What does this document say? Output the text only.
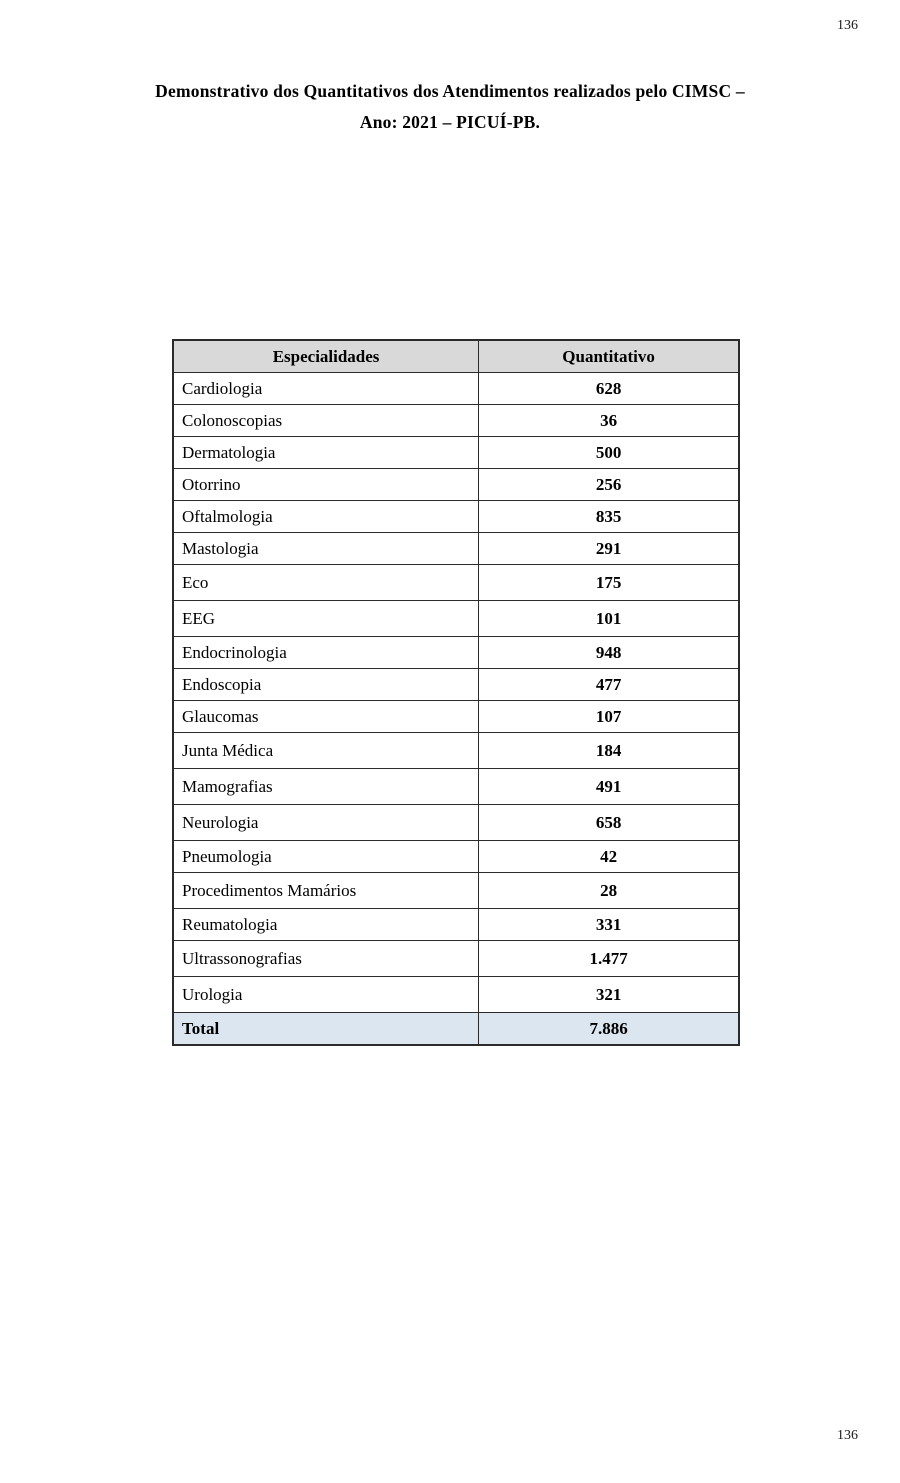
136
Demonstrativo dos Quantitativos dos Atendimentos realizados pelo CIMSC –
Ano: 2021 – PICUÍ-PB.
Especialidades	Quantitativo
Cardiologia	628
Colonoscopias	36
Dermatologia	500
Otorrino	256
Oftalmologia	835
Mastologia	291
Eco	175
EEG	101
Endocrinologia	948
Endoscopia	477
Glaucomas	107
Junta Médica	184
Mamografias	491
Neurologia	658
Pneumologia	42
Procedimentos Mamários	28
Reumatologia	331
Ultrassonografias	1.477
Urologia	321
Total	7.886
136
